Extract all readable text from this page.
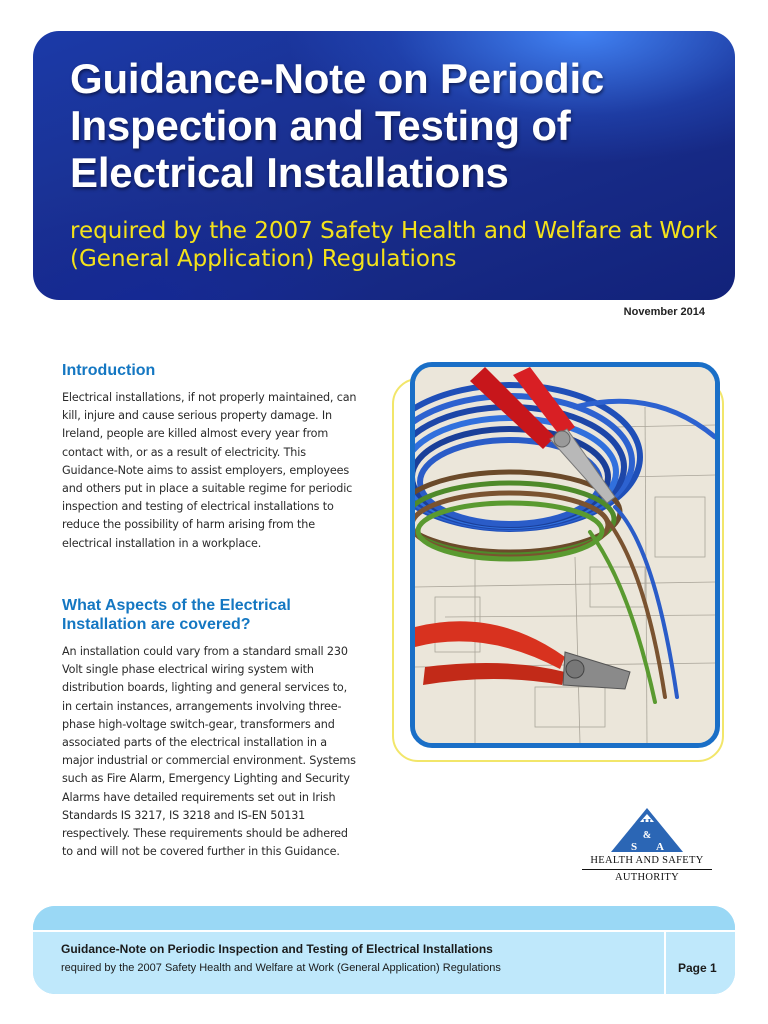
Guidance-Note on Periodic Inspection and Testing of Electrical Installations

required by the 2007 Safety Health and Welfare at Work (General Application) Regulations

November 2014

Introduction

Electrical installations, if not properly maintained, can kill, injure and cause serious property damage. In Ireland, people are killed almost every year from contact with, or as a result of electricity. This Guidance-Note aims to assist employers, employees and others put in place a suitable regime for periodic inspection and testing of electrical installations to reduce the possibility of harm arising from the electrical installation in a workplace.

What Aspects of the Electrical Installation are covered?

An installation could vary from a standard small 230 Volt single phase electrical wiring system with distribution boards, lighting and general services to, in certain instances, arrangements involving three-phase high-voltage switch-gear, transformers and associated parts of the electrical installation in a major industrial or commercial environment. Systems such as Fire Alarm, Emergency Lighting and Security Alarms have detailed requirements set out in Irish Standards IS 3217, IS 3218 and IS-EN 50131 respectively. These requirements should be adhered to and will not be covered further in this Guidance.

H
&
S A
HEALTH AND SAFETY
AUTHORITY

Guidance-Note on Periodic Inspection and Testing of Electrical Installations

required by the 2007 Safety Health and Welfare at Work (General Application) Regulations	Page 1
